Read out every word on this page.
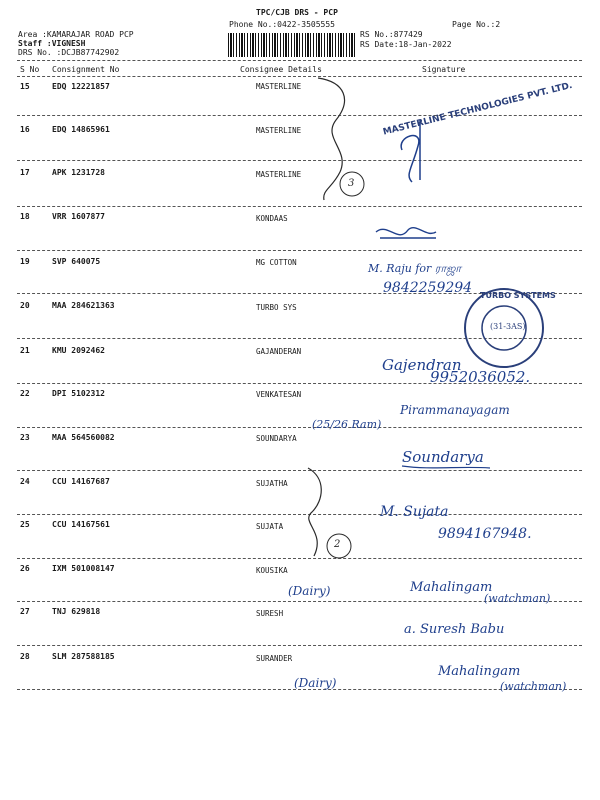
TPC/CJB DRS - PCP
Phone No.:0422-3505555	Page No.:2
Area :KAMARAJAR ROAD PCP
Staff :VIGNESH
RS No.:877429
DRS No. :DCJB87742902
RS Date:18-Jan-2022
S No Consignment No	Consignee Details	Signature
15	EDQ 12221857	MASTERLINE
16	EDQ 14865961	MASTERLINE
17	APK 1231728	MASTERLINE
18	VRR 1607877	KONDAAS
19	SVP 640075	MG COTTON
20	MAA 284621363	TURBO SYS
21	KMU 2092462	GAJANDERAN
22	DPI 5102312	VENKATESAN
23	MAA 564560082	SOUNDARYA
24	CCU 14167687	SUJATHA
25	CCU 14167561	SUJATA
26	IXM 501008147	KOUSIKA
27	TNJ 629818	SURESH
28	SLM 287588185	SURANDER
MASTERLINE TECHNOLOGIES PVT. LTD.
3
M. Raju for ராஜா
9842259294 TURBO SYSTEMS
(31-3AS)
Gajendran
9952036052.
(25/26 Ram)
Pirammanayagam
Soundarya
M. Sujata
9894167948.
2
(Dairy)	Mahalingam
(watchman)
a. Suresh Babu
(Dairy)
Mahalingam
(watchman)
